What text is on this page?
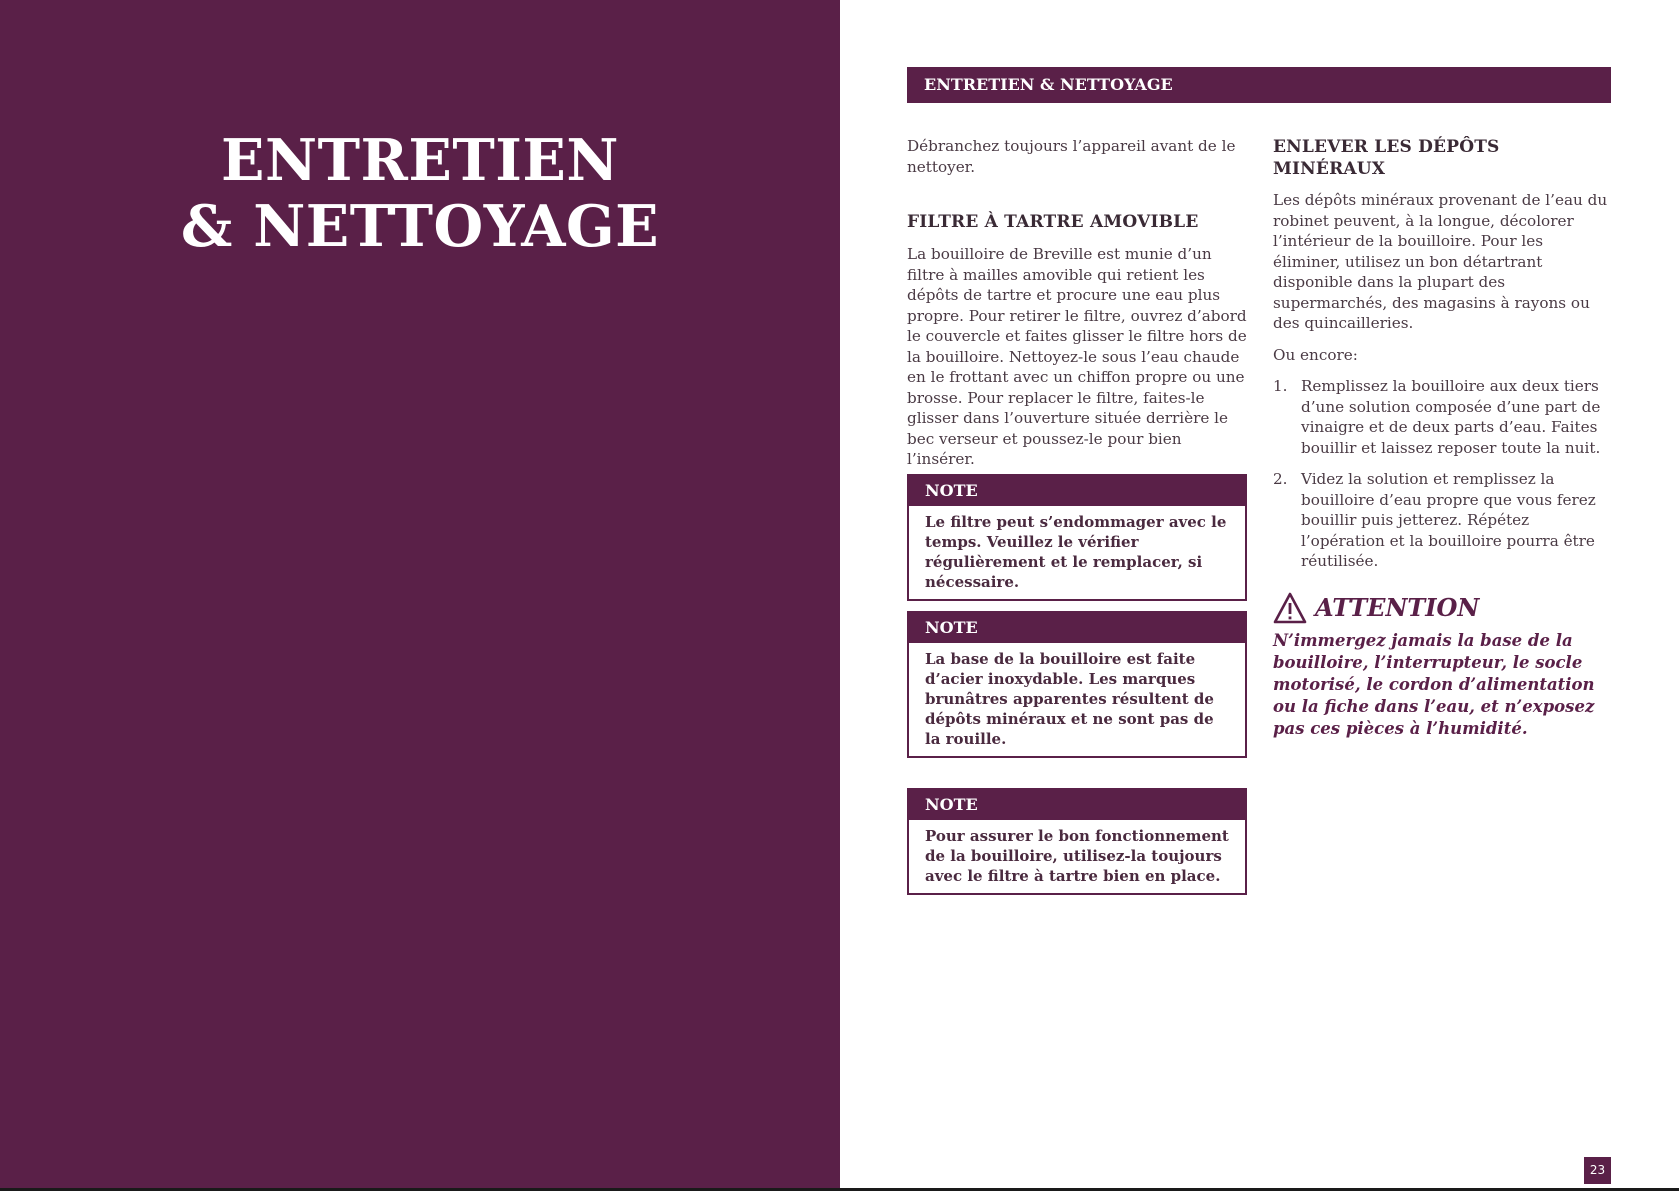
ENTRETIEN
& NETTOYAGE
ENTRETIEN & NETTOYAGE

Débranchez toujours l’appareil avant de le nettoyer.

FILTRE À TARTRE AMOVIBLE

La bouilloire de Breville est munie d’un filtre à mailles amovible qui retient les dépôts de tartre et procure une eau plus propre. Pour retirer le filtre, ouvrez d’abord le couvercle et faites glisser le filtre hors de la bouilloire. Nettoyez-le sous l’eau chaude en le frottant avec un chiffon propre ou une brosse. Pour replacer le filtre, faites-le glisser dans l’ouverture située derrière le bec verseur et poussez-le pour bien l’insérer.

NOTE
Le filtre peut s’endommager avec le temps. Veuillez le vérifier régulièrement et le remplacer, si nécessaire.
NOTE
La base de la bouilloire est faite d’acier inoxydable. Les marques brunâtres apparentes résultent de dépôts minéraux et ne sont pas de la rouille.
NOTE
Pour assurer le bon fonctionnement de la bouilloire, utilisez-la toujours avec le filtre à tartre bien en place.
ENLEVER LES DÉPÔTS MINÉRAUX

Les dépôts minéraux provenant de l’eau du robinet peuvent, à la longue, décolorer l’intérieur de la bouilloire. Pour les éliminer, utilisez un bon détartrant disponible dans la plupart des supermarchés, des magasins à rayons ou des quincailleries.

Ou encore:

1. Remplissez la bouilloire aux deux tiers d’une solution composée d’une part de vinaigre et de deux parts d’eau. Faites bouillir et laissez reposer toute la nuit.
2. Videz la solution et remplissez la bouilloire d’eau propre que vous ferez bouillir puis jetterez. Répétez l’opération et la bouilloire pourra être réutilisée.
ATTENTION

N’immergez jamais la base de la bouilloire, l’interrupteur, le socle motorisé, le cordon d’alimentation ou la fiche dans l’eau, et n’exposez pas ces pièces à l’humidité.

23
